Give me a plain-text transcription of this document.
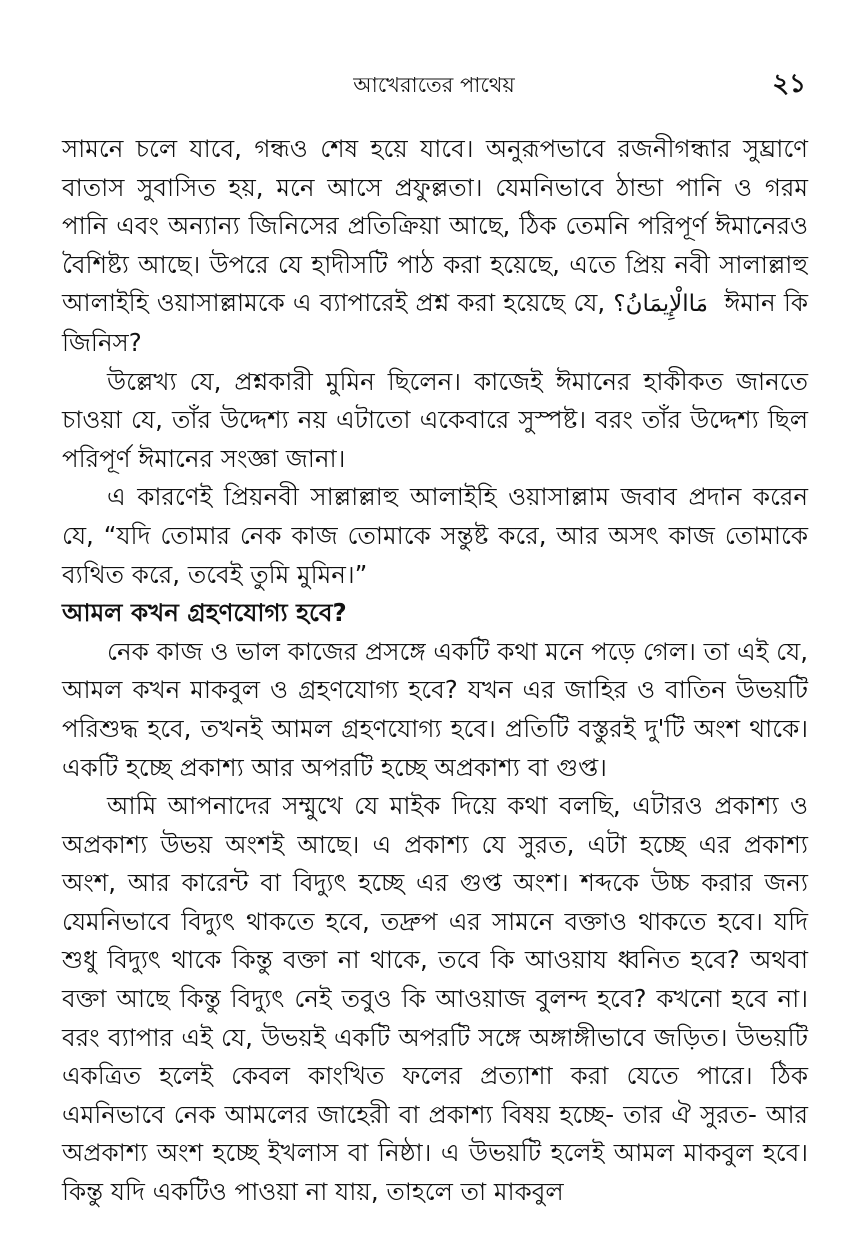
আখেরাতের পাথেয়	২১

সামনে চলে যাবে, গন্ধও শেষ হয়ে যাবে। অনুরূপভাবে রজনীগন্ধার সুঘ্রাণে বাতাস সুবাসিত হয়, মনে আসে প্রফুল্লতা। যেমনিভাবে ঠান্ডা পানি ও গরম পানি এবং অন্যান্য জিনিসের প্রতিক্রিয়া আছে, ঠিক তেমনি পরিপূর্ণ ঈমানেরও বৈশিষ্ট্য আছে। উপরে যে হাদীসটি পাঠ করা হয়েছে, এতে প্রিয় নবী সালাল্লাহু আলাইহি ওয়াসাল্লামকে এ ব্যাপারেই প্রশ্ন করা হয়েছে যে, مَاالْإِيمَانُ؟ ঈমান কি জিনিস?

উল্লেখ্য যে, প্রশ্নকারী মুমিন ছিলেন। কাজেই ঈমানের হাকীকত জানতে চাওয়া যে, তাঁর উদ্দেশ্য নয় এটাতো একেবারে সুস্পষ্ট। বরং তাঁর উদ্দেশ্য ছিল পরিপূর্ণ ঈমানের সংজ্ঞা জানা।

এ কারণেই প্রিয়নবী সাল্লাল্লাহু আলাইহি ওয়াসাল্লাম জবাব প্রদান করেন যে, “যদি তোমার নেক কাজ তোমাকে সন্তুষ্ট করে, আর অসৎ কাজ তোমাকে ব্যথিত করে, তবেই তুমি মুমিন।”

আমল কখন গ্রহণযোগ্য হবে?

নেক কাজ ও ভাল কাজের প্রসঙ্গে একটি কথা মনে পড়ে গেল। তা এই যে, আমল কখন মাকবুল ও গ্রহণযোগ্য হবে? যখন এর জাহির ও বাতিন উভয়টি পরিশুদ্ধ হবে, তখনই আমল গ্রহণযোগ্য হবে। প্রতিটি বস্তুরই দু'টি অংশ থাকে। একটি হচ্ছে প্রকাশ্য আর অপরটি হচ্ছে অপ্রকাশ্য বা গুপ্ত।

আমি আপনাদের সম্মুখে যে মাইক দিয়ে কথা বলছি, এটারও প্রকাশ্য ও অপ্রকাশ্য উভয় অংশই আছে। এ প্রকাশ্য যে সুরত, এটা হচ্ছে এর প্রকাশ্য অংশ, আর কারেন্ট বা বিদ্যুৎ হচ্ছে এর গুপ্ত অংশ। শব্দকে উচ্চ করার জন্য যেমনিভাবে বিদ্যুৎ থাকতে হবে, তদ্রুপ এর সামনে বক্তাও থাকতে হবে। যদি শুধু বিদ্যুৎ থাকে কিন্তু বক্তা না থাকে, তবে কি আওয়ায ধ্বনিত হবে? অথবা বক্তা আছে কিন্তু বিদ্যুৎ নেই তবুও কি আওয়াজ বুলন্দ হবে? কখনো হবে না। বরং ব্যাপার এই যে, উভয়ই একটি অপরটি সঙ্গে অঙ্গাঙ্গীভাবে জড়িত। উভয়টি একত্রিত হলেই কেবল কাংখিত ফলের প্রত্যাশা করা যেতে পারে। ঠিক এমনিভাবে নেক আমলের জাহেরী বা প্রকাশ্য বিষয় হচ্ছে- তার ঐ সুরত- আর অপ্রকাশ্য অংশ হচ্ছে ইখলাস বা নিষ্ঠা। এ উভয়টি হলেই আমল মাকবুল হবে। কিন্তু যদি একটিও পাওয়া না যায়, তাহলে তা মাকবুল
